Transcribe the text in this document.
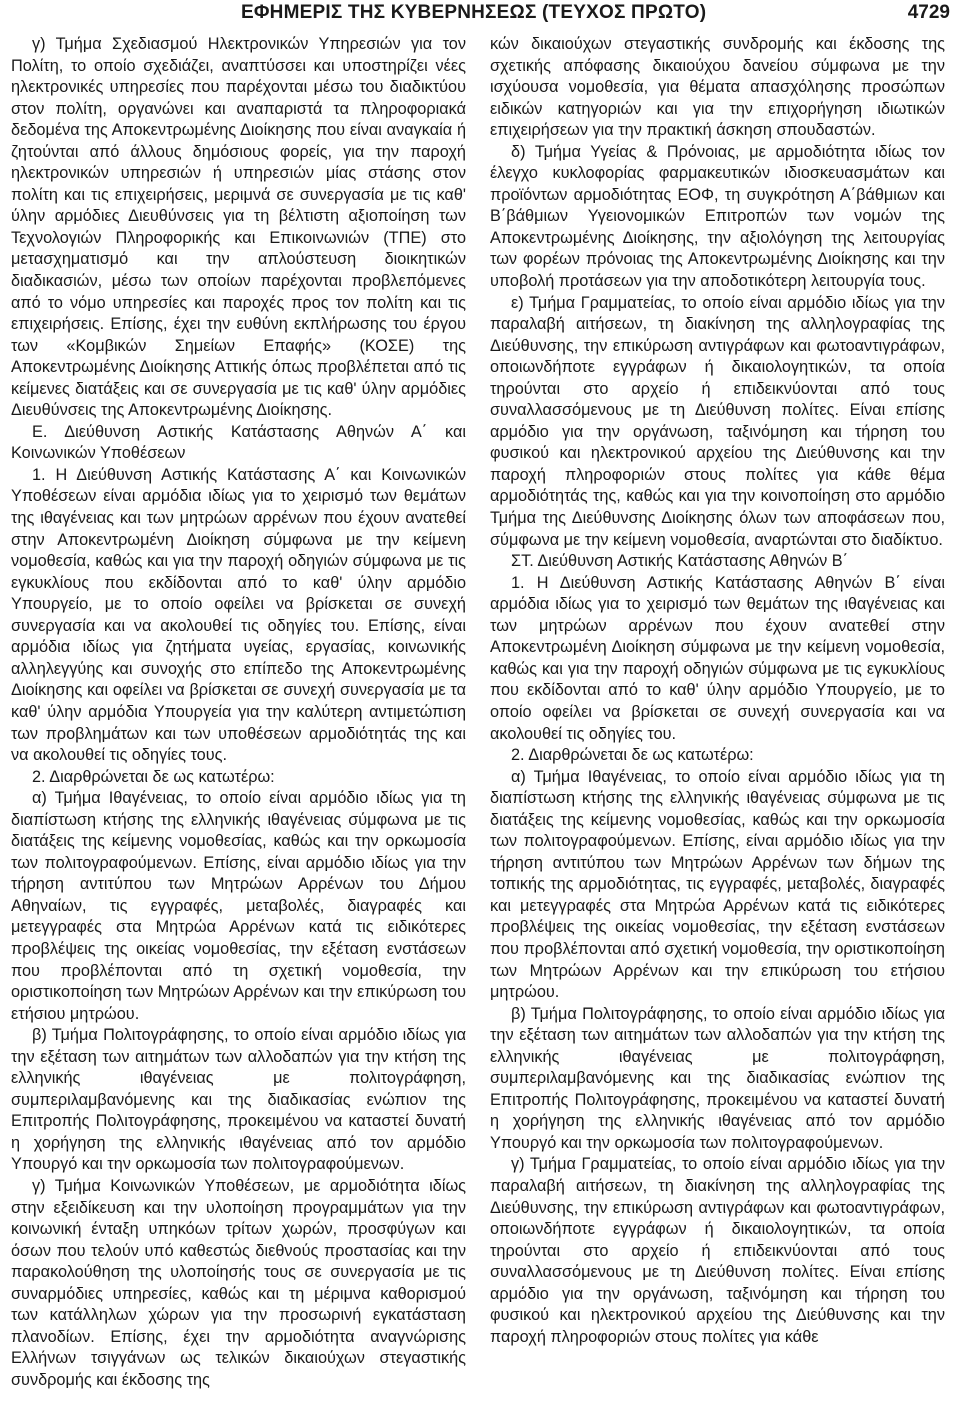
ΕΦΗΜΕΡΙΣ ΤΗΣ ΚΥΒΕΡΝΗΣΕΩΣ (ΤΕΥΧΟΣ ΠΡΩΤΟ)	4729

γ) Τμήμα Σχεδιασμού Ηλεκτρονικών Υπηρεσιών για τον Πολίτη, το οποίο σχεδιάζει, αναπτύσσει και υποστηρίζει νέες ηλεκτρονικές υπηρεσίες που παρέχονται μέσω του διαδικτύου στον πολίτη, οργανώνει και αναπαριστά τα πληροφοριακά δεδομένα της Αποκεντρωμένης Διοίκησης που είναι αναγκαία ή ζητούνται από άλλους δημόσιους φορείς, για την παροχή ηλεκτρονικών υπηρεσιών ή υπηρεσιών μίας στάσης στον πολίτη και τις επιχειρήσεις, μεριμνά σε συνεργασία με τις καθ' ύλην αρμόδιες Διευθύνσεις για τη βέλτιστη αξιοποίηση των Τεχνολογιών Πληροφορικής και Επικοινωνιών (ΤΠΕ) στο μετασχηματισμό και την απλούστευση διοικητικών διαδικασιών, μέσω των οποίων παρέχονται προβλεπόμενες από το νόμο υπηρεσίες και παροχές προς τον πολίτη και τις επιχειρήσεις. Επίσης, έχει την ευθύνη εκπλήρωσης του έργου των «Κομβικών Σημείων Επαφής» (ΚΟΣΕ) της Αποκεντρωμένης Διοίκησης Αττικής όπως προβλέπεται από τις κείμενες διατάξεις και σε συνεργασία με τις καθ' ύλην αρμόδιες Διευθύνσεις της Αποκεντρωμένης Διοίκησης.

Ε. Διεύθυνση Αστικής Κατάστασης Αθηνών Α΄ και Κοινωνικών Υποθέσεων

1. Η Διεύθυνση Αστικής Κατάστασης Α΄ και Κοινωνικών Υποθέσεων είναι αρμόδια ιδίως για το χειρισμό των θεμάτων της ιθαγένειας και των μητρώων αρρένων που έχουν ανατεθεί στην Αποκεντρωμένη Διοίκηση σύμφωνα με την κείμενη νομοθεσία, καθώς και για την παροχή οδηγιών σύμφωνα με τις εγκυκλίους που εκδίδονται από το καθ' ύλην αρμόδιο Υπουργείο, με το οποίο οφείλει να βρίσκεται σε συνεχή συνεργασία και να ακολουθεί τις οδηγίες του. Επίσης, είναι αρμόδια ιδίως για ζητήματα υγείας, εργασίας, κοινωνικής αλληλεγγύης και συνοχής στο επίπεδο της Αποκεντρωμένης Διοίκησης και οφείλει να βρίσκεται σε συνεχή συνεργασία με τα καθ' ύλην αρμόδια Υπουργεία για την καλύτερη αντιμετώπιση των προβλημάτων και των υποθέσεων αρμοδιότητάς της και να ακολουθεί τις οδηγίες τους.

2. Διαρθρώνεται δε ως κατωτέρω:

α) Τμήμα Ιθαγένειας, το οποίο είναι αρμόδιο ιδίως για τη διαπίστωση κτήσης της ελληνικής ιθαγένειας σύμφωνα με τις διατάξεις της κείμενης νομοθεσίας, καθώς και την ορκωμοσία των πολιτογραφούμενων. Επίσης, είναι αρμόδιο ιδίως για την τήρηση αντιτύπου των Μητρώων Αρρένων του Δήμου Αθηναίων, τις εγγραφές, μεταβολές, διαγραφές και μετεγγραφές στα Μητρώα Αρρένων κατά τις ειδικότερες προβλέψεις της οικείας νομοθεσίας, την εξέταση ενστάσεων που προβλέπονται από τη σχετική νομοθεσία, την οριστικοποίηση των Μητρώων Αρρένων και την επικύρωση του ετήσιου μητρώου.

β) Τμήμα Πολιτογράφησης, το οποίο είναι αρμόδιο ιδίως για την εξέταση των αιτημάτων των αλλοδαπών για την κτήση της ελληνικής ιθαγένειας με πολιτογράφηση, συμπεριλαμβανόμενης και της διαδικασίας ενώπιον της Επιτροπής Πολιτογράφησης, προκειμένου να καταστεί δυνατή η χορήγηση της ελληνικής ιθαγένειας από τον αρμόδιο Υπουργό και την ορκωμοσία των πολιτογραφούμενων.

γ) Τμήμα Κοινωνικών Υποθέσεων, με αρμοδιότητα ιδίως στην εξειδίκευση και την υλοποίηση προγραμμάτων για την κοινωνική ένταξη υπηκόων τρίτων χωρών, προσφύγων και όσων που τελούν υπό καθεστώς διεθνούς προστασίας και την παρακολούθηση της υλοποίησής τους σε συνεργασία με τις συναρμόδιες υπηρεσίες, καθώς και τη μέριμνα καθορισμού των κατάλληλων χώρων για την προσωρινή εγκατάσταση πλανοδίων. Επίσης, έχει την αρμοδιότητα αναγνώρισης Ελλήνων τσιγγάνων ως τελικών δικαιούχων στεγαστικής συνδρομής και έκδοσης της

κών δικαιούχων στεγαστικής συνδρομής και έκδοσης της σχετικής απόφασης δικαιούχου δανείου σύμφωνα με την ισχύουσα νομοθεσία, για θέματα απασχόλησης προσώπων ειδικών κατηγοριών και για την επιχορήγηση ιδιωτικών επιχειρήσεων για την πρακτική άσκηση σπουδαστών.

δ) Τμήμα Υγείας & Πρόνοιας, με αρμοδιότητα ιδίως τον έλεγχο κυκλοφορίας φαρμακευτικών ιδιοσκευασμάτων και προϊόντων αρμοδιότητας ΕΟΦ, τη συγκρότηση Α΄βάθμιων και Β΄βάθμιων Υγειονομικών Επιτροπών των νομών της Αποκεντρωμένης Διοίκησης, την αξιολόγηση της λειτουργίας των φορέων πρόνοιας της Αποκεντρωμένης Διοίκησης και την υποβολή προτάσεων για την αποδοτικότερη λειτουργία τους.

ε) Τμήμα Γραμματείας, το οποίο είναι αρμόδιο ιδίως για την παραλαβή αιτήσεων, τη διακίνηση της αλληλογραφίας της Διεύθυνσης, την επικύρωση αντιγράφων και φωτοαντιγράφων, οποιωνδήποτε εγγράφων ή δικαιολογητικών, τα οποία τηρούνται στο αρχείο ή επιδεικνύονται από τους συναλλασσόμενους με τη Διεύθυνση πολίτες. Είναι επίσης αρμόδιο για την οργάνωση, ταξινόμηση και τήρηση του φυσικού και ηλεκτρονικού αρχείου της Διεύθυνσης και την παροχή πληροφοριών στους πολίτες για κάθε θέμα αρμοδιότητάς της, καθώς και για την κοινοποίηση στο αρμόδιο Τμήμα της Διεύθυνσης Διοίκησης όλων των αποφάσεων που, σύμφωνα με την κείμενη νομοθεσία, αναρτώνται στο διαδίκτυο.

ΣΤ. Διεύθυνση Αστικής Κατάστασης Αθηνών Β΄

1. Η Διεύθυνση Αστικής Κατάστασης Αθηνών Β΄ είναι αρμόδια ιδίως για το χειρισμό των θεμάτων της ιθαγένειας και των μητρώων αρρένων που έχουν ανατεθεί στην Αποκεντρωμένη Διοίκηση σύμφωνα με την κείμενη νομοθεσία, καθώς και για την παροχή οδηγιών σύμφωνα με τις εγκυκλίους που εκδίδονται από το καθ' ύλην αρμόδιο Υπουργείο, με το οποίο οφείλει να βρίσκεται σε συνεχή συνεργασία και να ακολουθεί τις οδηγίες του.

2. Διαρθρώνεται δε ως κατωτέρω:

α) Τμήμα Ιθαγένειας, το οποίο είναι αρμόδιο ιδίως για τη διαπίστωση κτήσης της ελληνικής ιθαγένειας σύμφωνα με τις διατάξεις της κείμενης νομοθεσίας, καθώς και την ορκωμοσία των πολιτογραφούμενων. Επίσης, είναι αρμόδιο ιδίως για την τήρηση αντιτύπου των Μητρώων Αρρένων των δήμων της τοπικής της αρμοδιότητας, τις εγγραφές, μεταβολές, διαγραφές και μετεγγραφές στα Μητρώα Αρρένων κατά τις ειδικότερες προβλέψεις της οικείας νομοθεσίας, την εξέταση ενστάσεων που προβλέπονται από σχετική νομοθεσία, την οριστικοποίηση των Μητρώων Αρρένων και την επικύρωση του ετήσιου μητρώου.

β) Τμήμα Πολιτογράφησης, το οποίο είναι αρμόδιο ιδίως για την εξέταση των αιτημάτων των αλλοδαπών για την κτήση της ελληνικής ιθαγένειας με πολιτογράφηση, συμπεριλαμβανόμενης και της διαδικασίας ενώπιον της Επιτροπής Πολιτογράφησης, προκειμένου να καταστεί δυνατή η χορήγηση της ελληνικής ιθαγένειας από τον αρμόδιο Υπουργό και την ορκωμοσία των πολιτογραφούμενων.

γ) Τμήμα Γραμματείας, το οποίο είναι αρμόδιο ιδίως για την παραλαβή αιτήσεων, τη διακίνηση της αλληλογραφίας της Διεύθυνσης, την επικύρωση αντιγράφων και φωτοαντιγράφων, οποιωνδήποτε εγγράφων ή δικαιολογητικών, τα οποία τηρούνται στο αρχείο ή επιδεικνύονται από τους συναλλασσόμενους με τη Διεύθυνση πολίτες. Είναι επίσης αρμόδιο για την οργάνωση, ταξινόμηση και τήρηση του φυσικού και ηλεκτρονικού αρχείου της Διεύθυνσης και την παροχή πληροφοριών στους πολίτες για κάθε
